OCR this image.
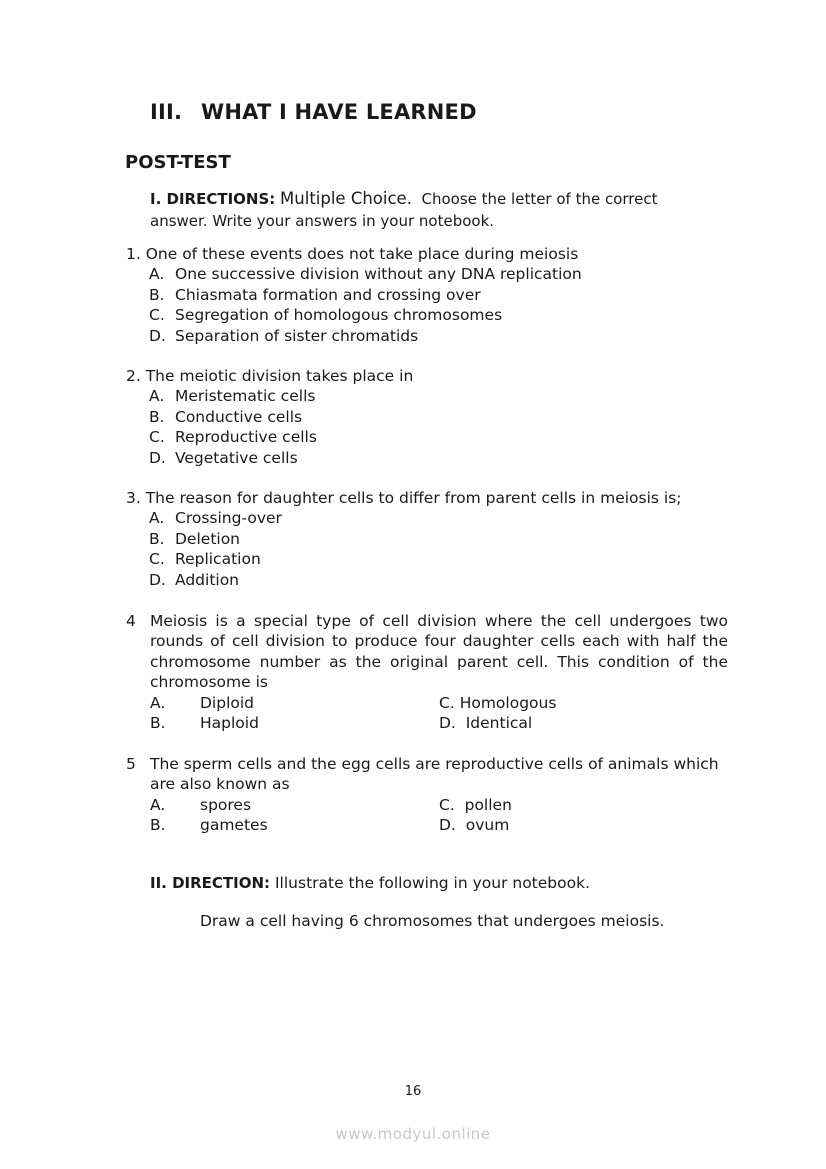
III. WHAT I HAVE LEARNED
POST-TEST
I. DIRECTIONS: Multiple Choice. Choose the letter of the correct
answer. Write your answers in your notebook.
1. One of these events does not take place during meiosis
A. One successive division without any DNA replication
B. Chiasmata formation and crossing over
C. Segregation of homologous chromosomes
D. Separation of sister chromatids
2. The meiotic division takes place in
A. Meristematic cells
B. Conductive cells
C. Reproductive cells
D. Vegetative cells
3. The reason for daughter cells to differ from parent cells in meiosis is;
A. Crossing-over
B. Deletion
C. Replication
D. Addition
4 Meiosis is a special type of cell division where the cell undergoes two rounds of cell division to produce four daughter cells each with half the chromosome number as the original parent cell. This condition of the chromosome is
A. Diploid	C. Homologous
B. Haploid	D. Identical
5 The sperm cells and the egg cells are reproductive cells of animals which are also known as
A. spores	C. pollen
B. gametes	D. ovum
II. DIRECTION: Illustrate the following in your notebook.
Draw a cell having 6 chromosomes that undergoes meiosis.
16
www.modyul.online
